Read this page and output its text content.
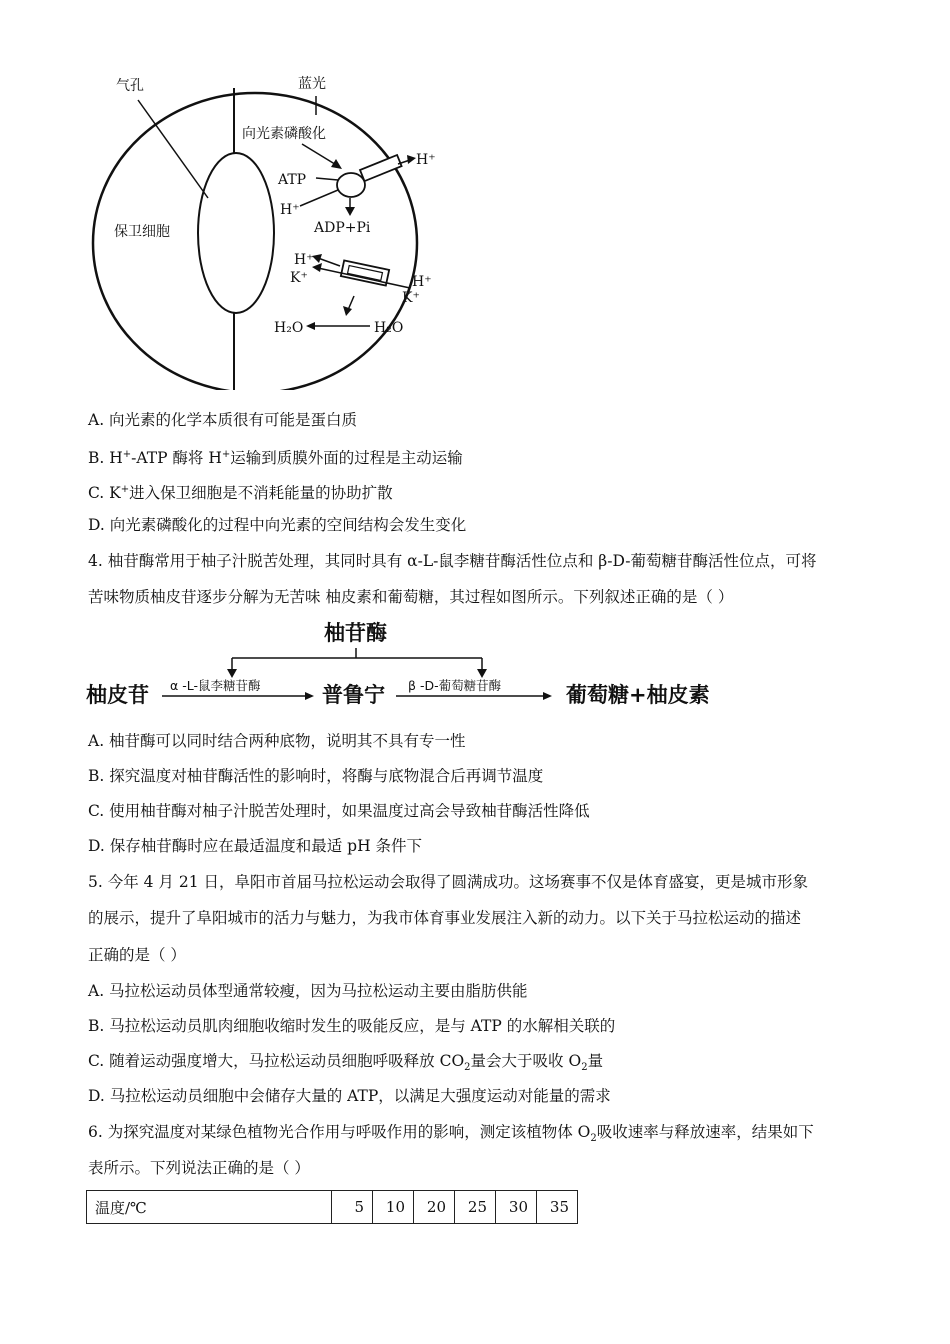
气孔	蓝光
向光素磷酸化
保卫细胞
H⁺
ATP
H⁺
ADP+Pi
H⁺
K⁺	H⁺
K⁺
H₂O	H₂O
A. 向光素的化学本质很有可能是蛋白质
B. H+-ATP 酶将 H+运输到质膜外面的过程是主动运输
C. K+进入保卫细胞是不消耗能量的协助扩散
D. 向光素磷酸化的过程中向光素的空间结构会发生变化
4. 柚苷酶常用于柚子汁脱苦处理，其同时具有 α-L-鼠李糖苷酶活性位点和 β-D-葡萄糖苷酶活性位点，可将
苦味物质柚皮苷逐步分解为无苦味 柚皮素和葡萄糖，其过程如图所示。下列叙述正确的是（ ）
柚苷酶
柚皮苷 α -L-鼠李糖苷酶	普鲁宁 β -D-葡萄糖苷酶	葡萄糖+柚皮素
A. 柚苷酶可以同时结合两种底物，说明其不具有专一性
B. 探究温度对柚苷酶活性的影响时，将酶与底物混合后再调节温度
C. 使用柚苷酶对柚子汁脱苦处理时，如果温度过高会导致柚苷酶活性降低
D. 保存柚苷酶时应在最适温度和最适 pH 条件下
5. 今年 4 月 21 日，阜阳市首届马拉松运动会取得了圆满成功。这场赛事不仅是体育盛宴，更是城市形象
的展示，提升了阜阳城市的活力与魅力，为我市体育事业发展注入新的动力。以下关于马拉松运动的描述
正确的是（ ）
A. 马拉松运动员体型通常较瘦，因为马拉松运动主要由脂肪供能
B. 马拉松运动员肌肉细胞收缩时发生的吸能反应，是与 ATP 的水解相关联的
C. 随着运动强度增大，马拉松运动员细胞呼吸释放 $CO_2$量会大于吸收 $O_2$量
D. 马拉松运动员细胞中会储存大量的 ATP，以满足大强度运动对能量的需求
6. 为探究温度对某绿色植物光合作用与呼吸作用的影响，测定该植物体 $O_2$吸收速率与释放速率，结果如下
表所示。下列说法正确的是（ ）
温度/℃	5	10	20	25	30	35
